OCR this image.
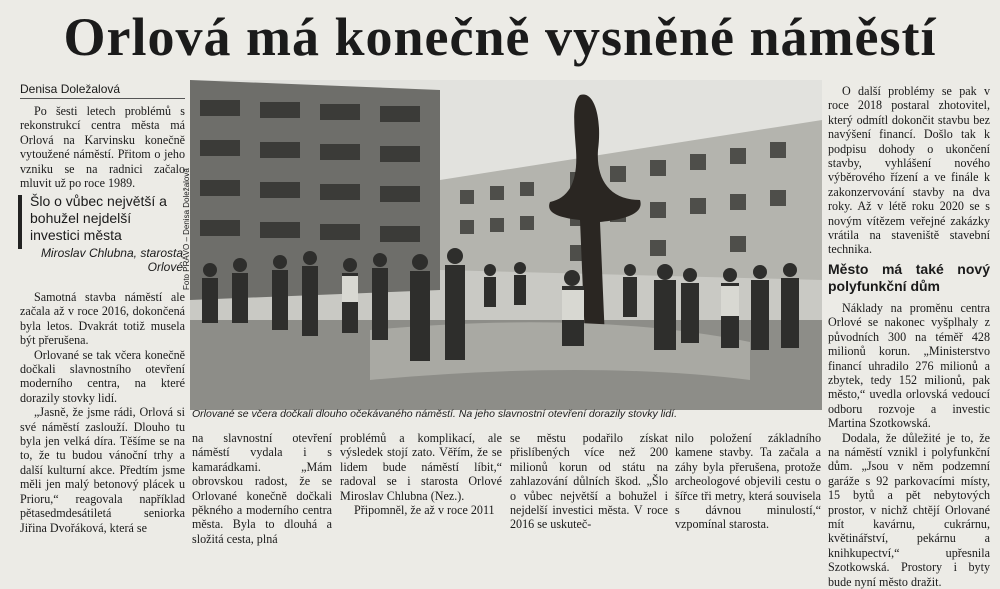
Orlová má konečně vysněné náměstí
Denisa Doležalová

Po šesti letech problémů s rekonstrukcí centra města má Orlová na Karvinsku konečně vytoužené náměstí. Přitom o jeho vzniku se na radnici začalo mluvit už po roce 1989.

Šlo o vůbec největší a bohužel nejdelší investici města
Miroslav Chlubna, starosta Orlové

Samotná stavba náměstí ale začala až v roce 2016, dokončená byla letos. Dvakrát totiž musela být přerušena.

Orlované se tak včera konečně dočkali slavnostního otevření moderního centra, na které dorazily stovky lidí.

„Jasně, že jsme rádi, Orlová si své náměstí zaslouží. Dlouho tu byla jen velká díra. Těšíme se na to, že tu budou vánoční trhy a další kulturní akce. Předtím jsme měli jen malý betonový plácek u Prioru,“ reagovala například pětasedmdesátiletá seniorka Jiřina Dvořáková, která se

Foto PRÁVO – Denisa Doležalová
Orlované se včera dočkali dlouho očekávaného náměstí. Na jeho slavnostní otevření dorazily stovky lidí.

na slavnostní otevření náměstí vydala i s kamarádkami. „Mám obrovskou radost, že se Orlované konečně dočkali pěkného a moderního centra města. Byla to dlouhá a složitá cesta, plná

problémů a komplikací, ale výsledek stojí zato. Věřím, že se lidem bude náměstí líbit,“ radoval se i starosta Orlové Miroslav Chlubna (Nez.).

Připomněl, že až v roce 2011

se městu podařilo získat přislíbených více než 200 milionů korun od státu na zahlazování důlních škod. „Šlo o vůbec největší a bohužel i nejdelší investici města. V roce 2016 se uskuteč-

nilo položení základního kamene stavby. Ta začala a záhy byla přerušena, protože archeologové objevili cestu o šířce tři metry, která souvisela s dávnou minulostí,“ vzpomínal starosta.

O další problémy se pak v roce 2018 postaral zhotovitel, který odmítl dokončit stavbu bez navýšení financí. Došlo tak k podpisu dohody o ukončení stavby, vyhlášení nového výběrového řízení a ve finále k zakonzervování stavby na dva roky. Až v létě roku 2020 se s novým vítězem veřejné zakázky vrátila na staveniště stavební technika.

Město má také nový polyfunkční dům

Náklady na proměnu centra Orlové se nakonec vyšplhaly z původních 300 na téměř 428 milionů korun. „Ministerstvo financí uhradilo 276 milionů a zbytek, tedy 152 milionů, pak město,“ uvedla orlovská vedoucí odboru rozvoje a investic Martina Szotkowská.

Dodala, že důležité je to, že na náměstí vznikl i polyfunkční dům. „Jsou v něm podzemní garáže s 92 parkovacími místy, 15 bytů a pět nebytových prostor, v nichž chtějí Orlované mít kavárnu, cukrárnu, květinářství, pekárnu a knihkupectví,“ upřesnila Szotkowská. Prostory i byty bude nyní město dražit.
